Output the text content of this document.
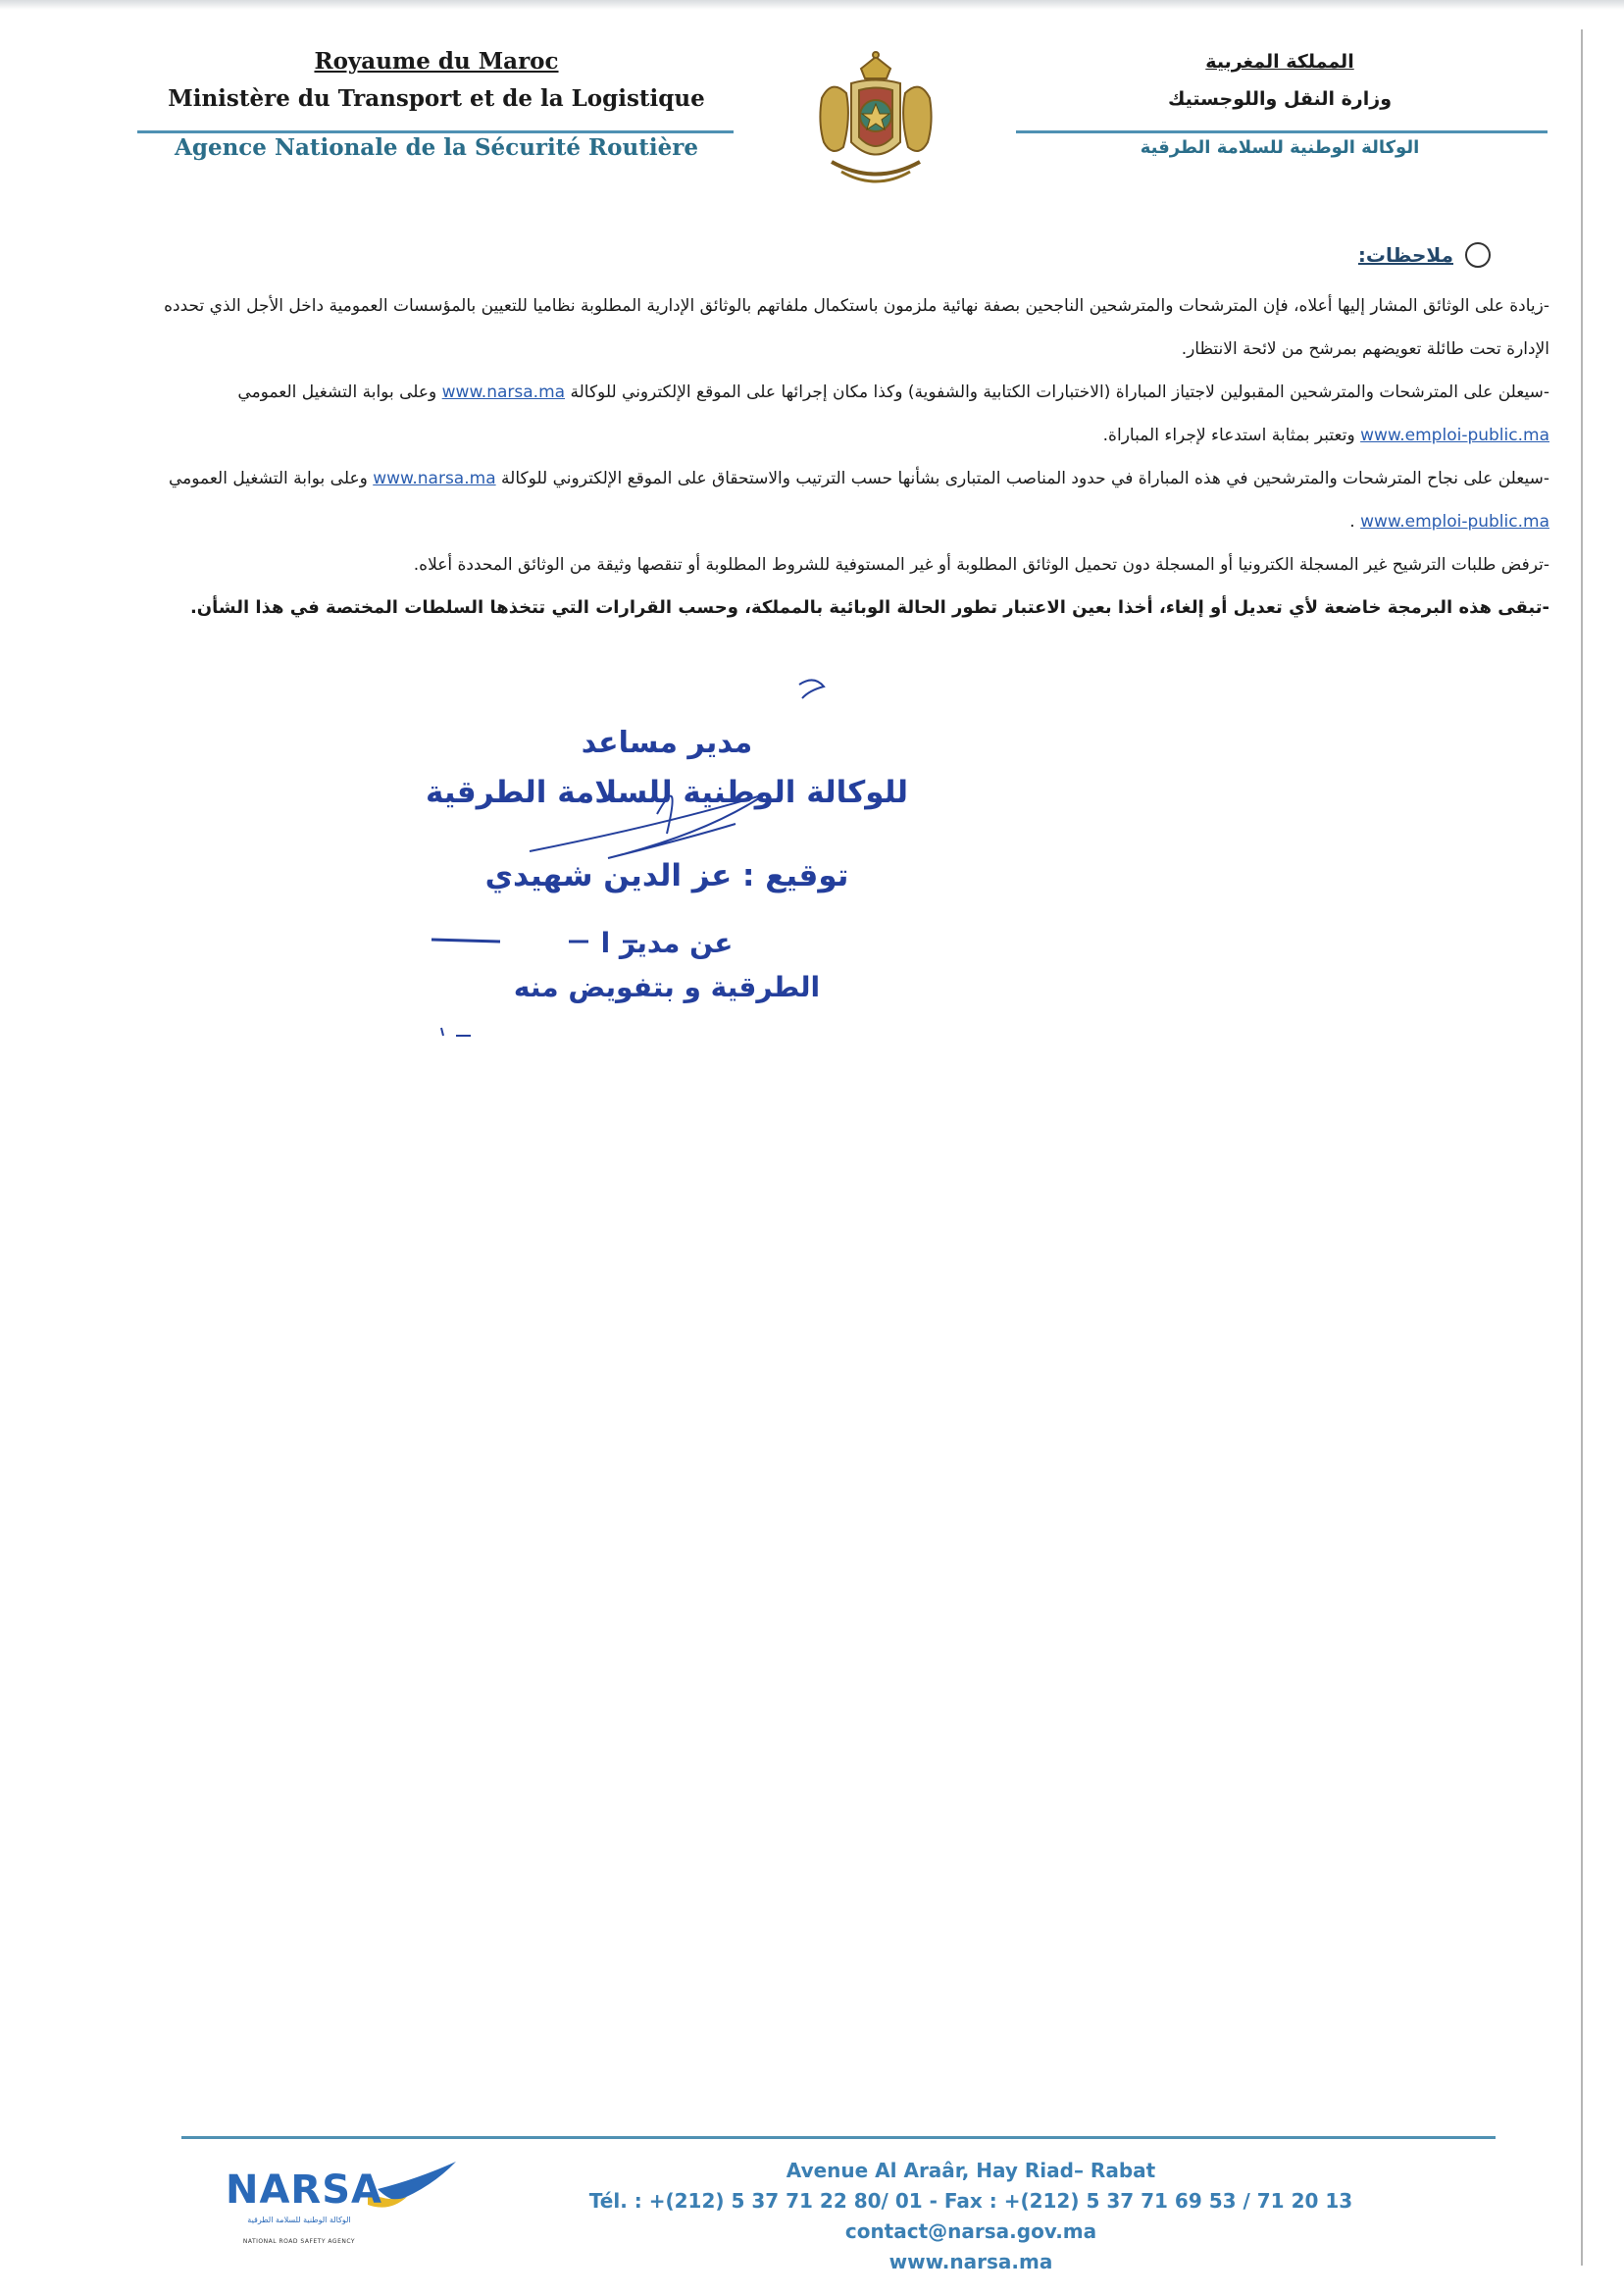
Royaume du Maroc
Ministère du Transport et de la Logistique
Agence Nationale de la Sécurité Routière
المملكة المغربية
وزارة النقل واللوجستيك
الوكالة الوطنية للسلامة الطرقية
ملاحظات:

-زيادة على الوثائق المشار إليها أعلاه، فإن المترشحات والمترشحين الناجحين بصفة نهائية ملزمون باستكمال ملفاتهم بالوثائق الإدارية المطلوبة نظاميا للتعيين بالمؤسسات العمومية داخل الأجل الذي تحدده الإدارة تحت طائلة تعويضهم بمرشح من لائحة الانتظار.

-سيعلن على المترشحات والمترشحين المقبولين لاجتياز المباراة (الاختبارات الكتابية والشفوية) وكذا مكان إجرائها على الموقع الإلكتروني للوكالة www.narsa.ma وعلى بوابة التشغيل العمومي www.emploi-public.ma وتعتبر بمثابة استدعاء لإجراء المباراة.

-سيعلن على نجاح المترشحات والمترشحين في هذه المباراة في حدود المناصب المتبارى بشأنها حسب الترتيب والاستحقاق على الموقع الإلكتروني للوكالة www.narsa.ma وعلى بوابة التشغيل العمومي www.emploi-public.ma .

-ترفض طلبات الترشيح غير المسجلة الكترونيا أو المسجلة دون تحميل الوثائق المطلوبة أو غير المستوفية للشروط المطلوبة أو تنقصها وثيقة من الوثائق المحددة أعلاه.

-تبقى هذه البرمجة خاضعة لأي تعديل أو إلغاء، أخذا بعين الاعتبار تطور الحالة الوبائية بالمملكة، وحسب القرارات التي تتخذها السلطات المختصة في هذا الشأن.

مدير مساعد
للوكالة الوطنية للسلامة الطرقية
توقيع : عز الدين شهيدي
عن مدير ا
الطرقية و بتفويض منه
NARSA
الوكالة الوطنية للسلامة الطرقية
NATIONAL ROAD SAFETY AGENCY
Avenue Al Araâr, Hay Riad– Rabat
Tél. : +(212) 5 37 71 22 80/ 01 - Fax : +(212) 5 37 71 69 53 / 71 20 13
contact@narsa.gov.ma
www.narsa.ma
